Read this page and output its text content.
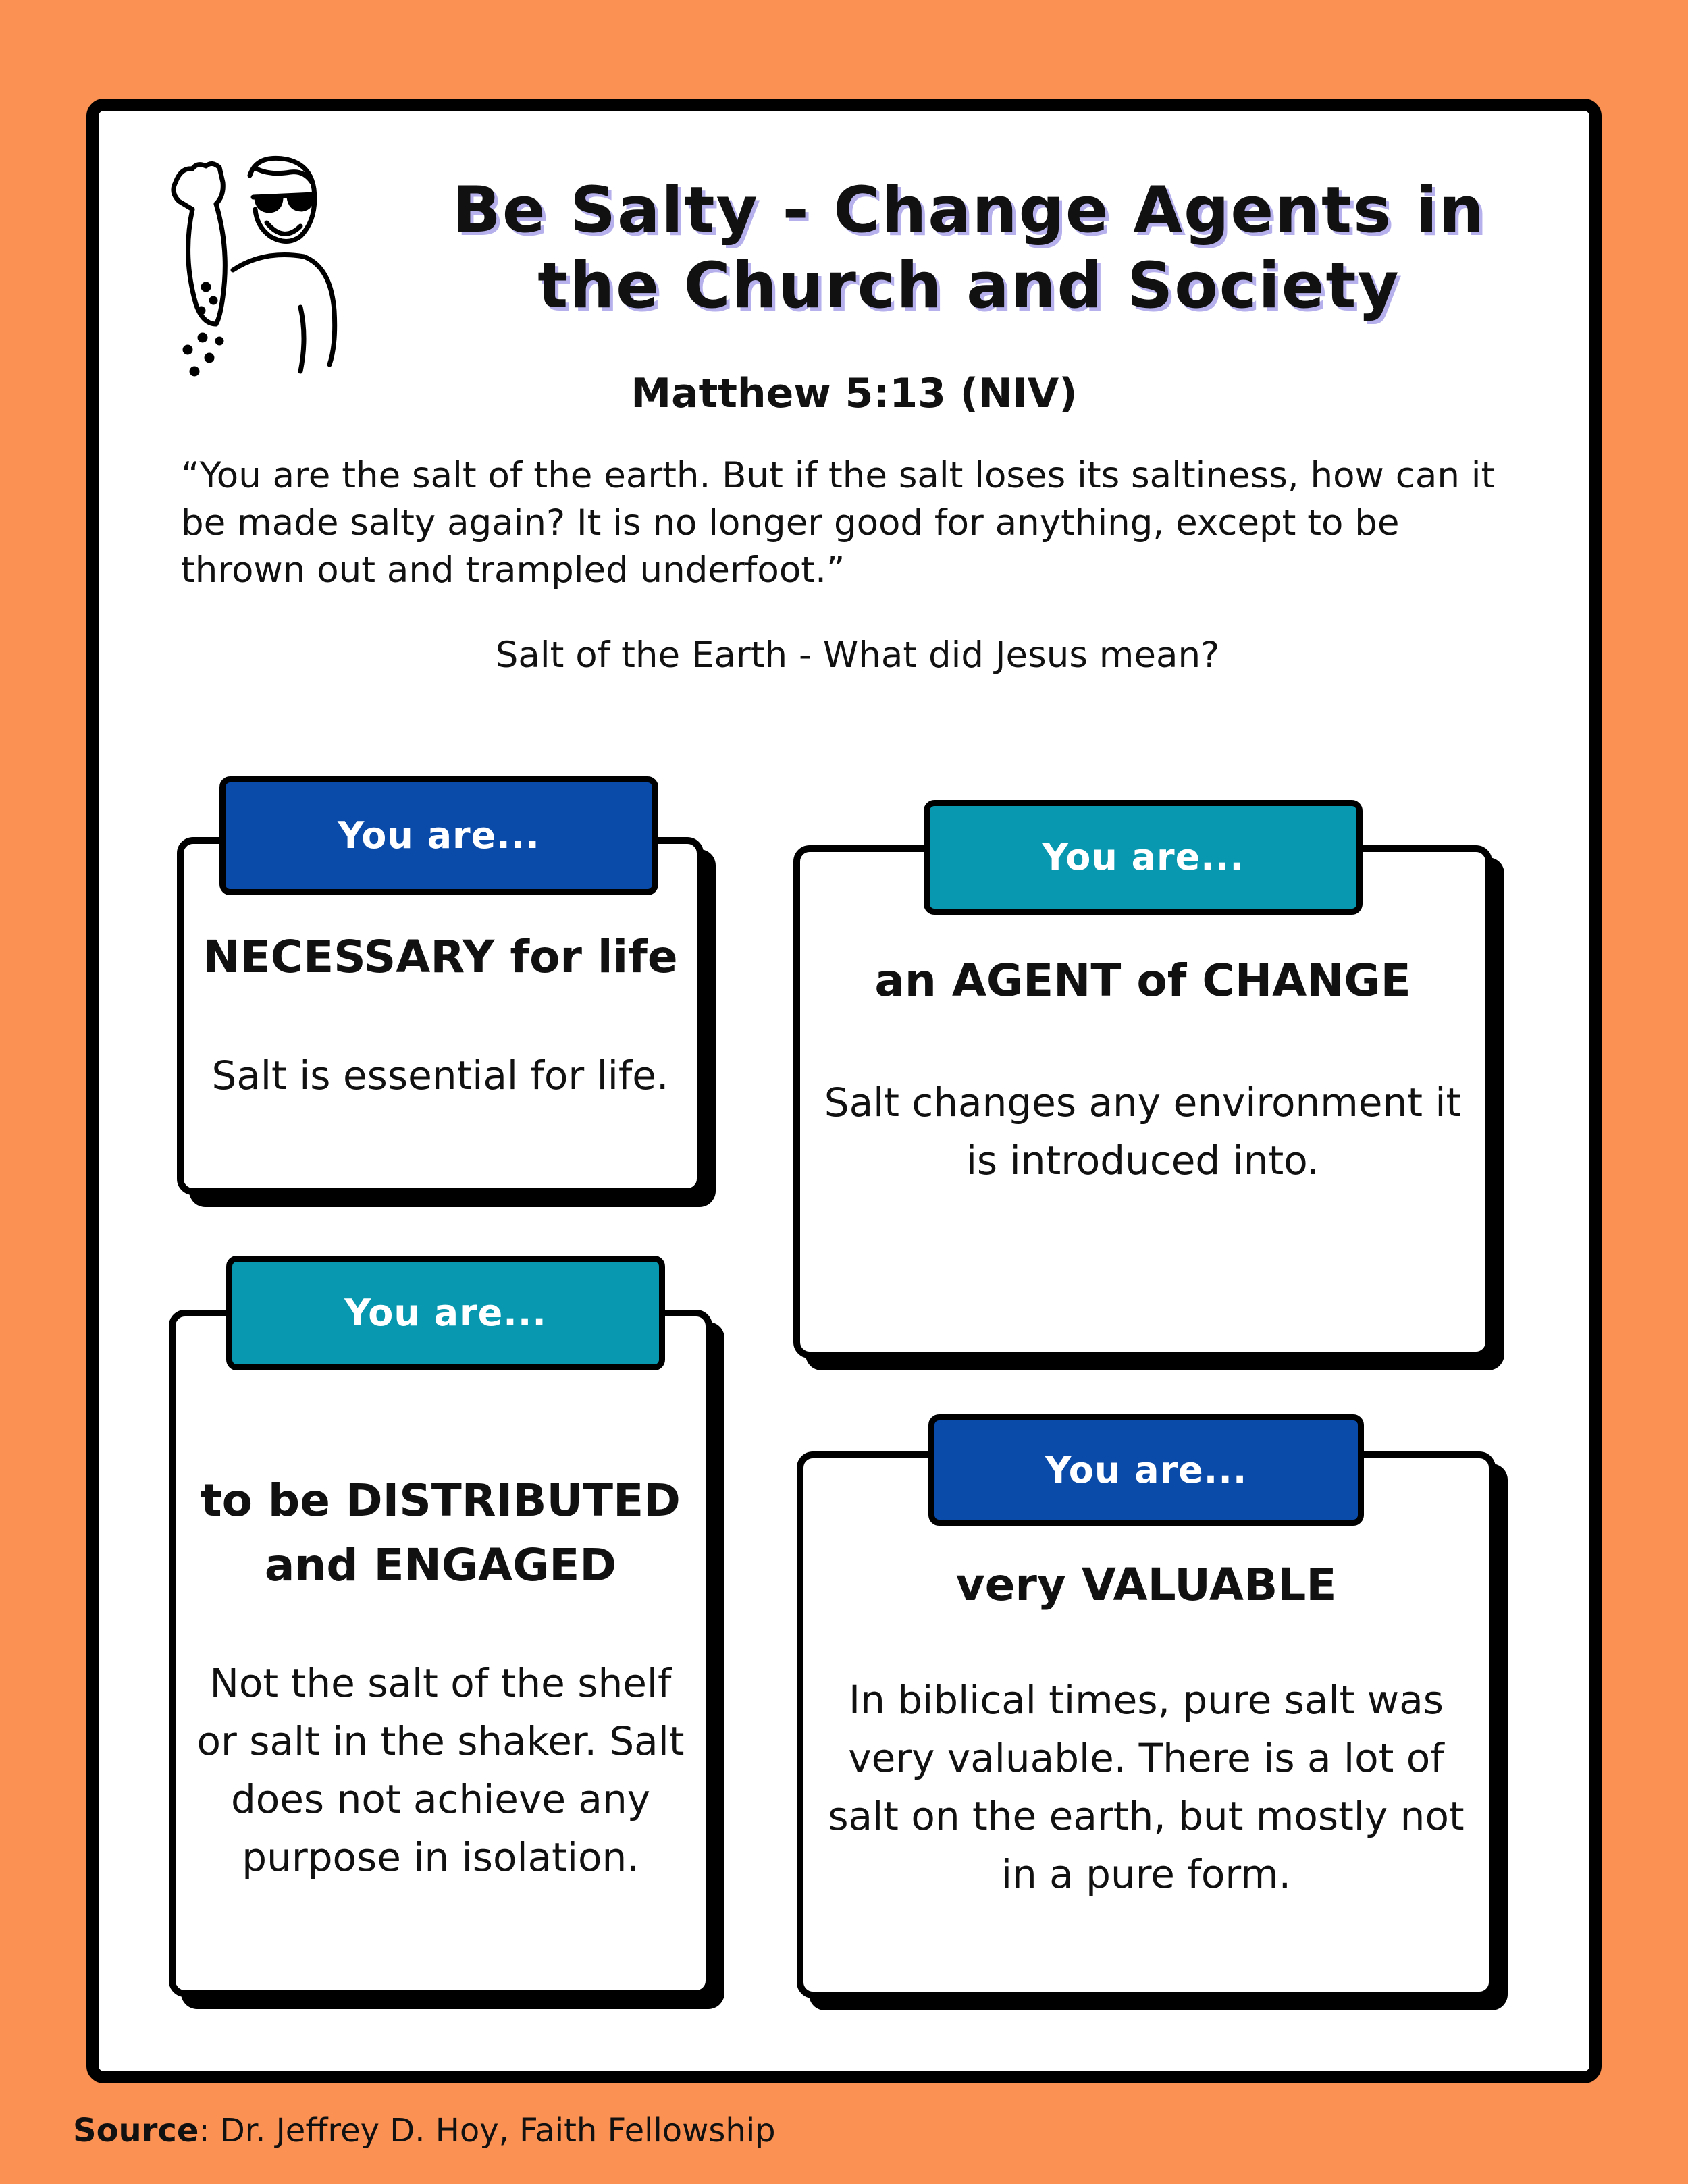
Be Salty - Change Agents in
the Church and Society
Matthew 5:13 (NIV)

“You are the salt of the earth. But if the salt loses its saltiness, how can it be made salty again? It is no longer good for anything, except to be thrown out and trampled underfoot.”

Salt of the Earth - What did Jesus mean?
You are...
NECESSARY for life
Salt is essential for life.
You are...
an AGENT of CHANGE
Salt changes any environment it is introduced into.
You are...
to be DISTRIBUTED and ENGAGED
Not the salt of the shelf or salt in the shaker. Salt does not achieve any purpose in isolation.
You are...
very VALUABLE
In biblical times, pure salt was very valuable. There is a lot of salt on the earth, but mostly not in a pure form.
Source: Dr. Jeffrey D. Hoy, Faith Fellowship
